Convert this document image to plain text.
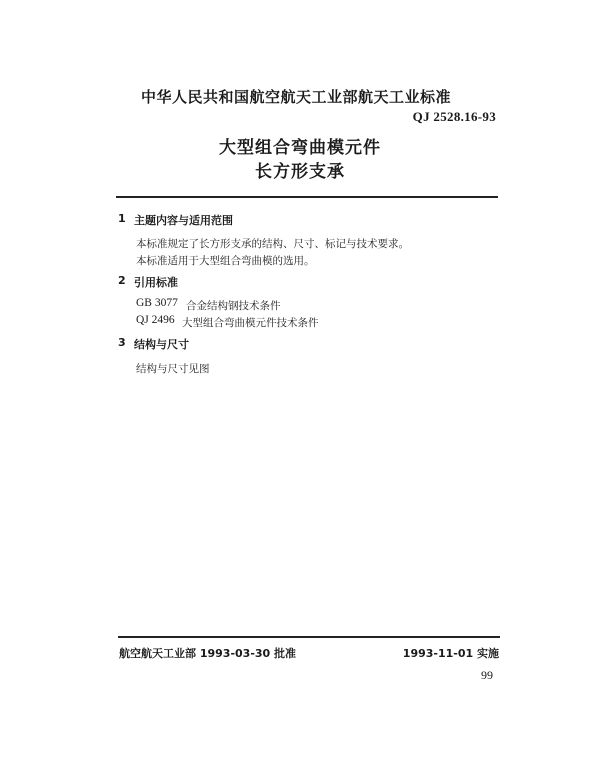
中华人民共和国航空航天工业部航天工业标准
QJ 2528.16-93
大型组合弯曲模元件
长方形支承
1 主题内容与适用范围
本标准规定了长方形支承的结构、尺寸、标记与技术要求。
本标准适用于大型组合弯曲模的选用。
2 引用标准
GB 3077 合金结构钢技术条件
QJ 2496 大型组合弯曲模元件技术条件
3 结构与尺寸
结构与尺寸见图
航空航天工业部 1993-03-30 批准	1993-11-01 实施
99
